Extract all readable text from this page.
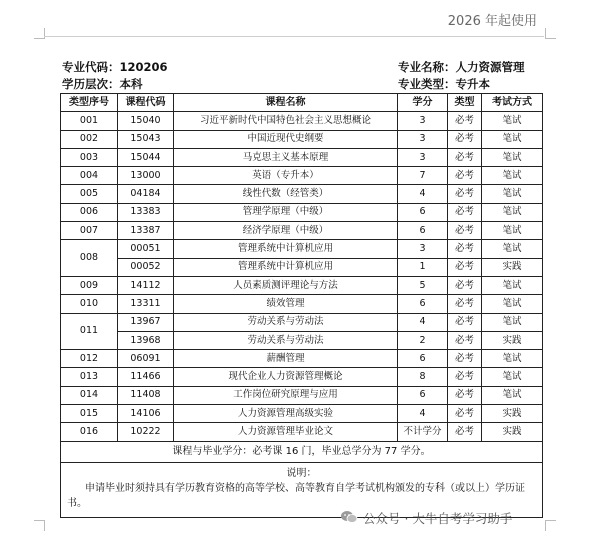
2026 年起使用
专业代码：120206
学历层次：本科
专业名称：人力资源管理
专业类型：专升本
类型序号	课程代码	课程名称	学分	类型	考试方式
001	15040	习近平新时代中国特色社会主义思想概论	3	必考	笔试
002	15043	中国近现代史纲要	3	必考	笔试
003	15044	马克思主义基本原理	3	必考	笔试
004	13000	英语（专升本）	7	必考	笔试
005	04184	线性代数（经管类）	4	必考	笔试
006	13383	管理学原理（中级）	6	必考	笔试
007	13387	经济学原理（中级）	6	必考	笔试
008	00051	管理系统中计算机应用	3	必考	笔试
	00052	管理系统中计算机应用	1	必考	实践
009	14112	人员素质测评理论与方法	5	必考	笔试
010	13311	绩效管理	6	必考	笔试
011	13967	劳动关系与劳动法	4	必考	笔试
	13968	劳动关系与劳动法	2	必考	实践
012	06091	薪酬管理	6	必考	笔试
013	11466	现代企业人力资源管理概论	8	必考	笔试
014	11408	工作岗位研究原理与应用	6	必考	笔试
015	14106	人力资源管理高级实验	4	必考	实践
016	10222	人力资源管理毕业论文	不计学分	必考	实践
课程与毕业学分：必考课 16 门，毕业总学分为 77 学分。					

说明：
申请毕业时须持具有学历教育资格的高等学校、高等教育自学考试机构颁发的专科（或以上）学历证书。					
公众号 · 大牛自考学习助手
